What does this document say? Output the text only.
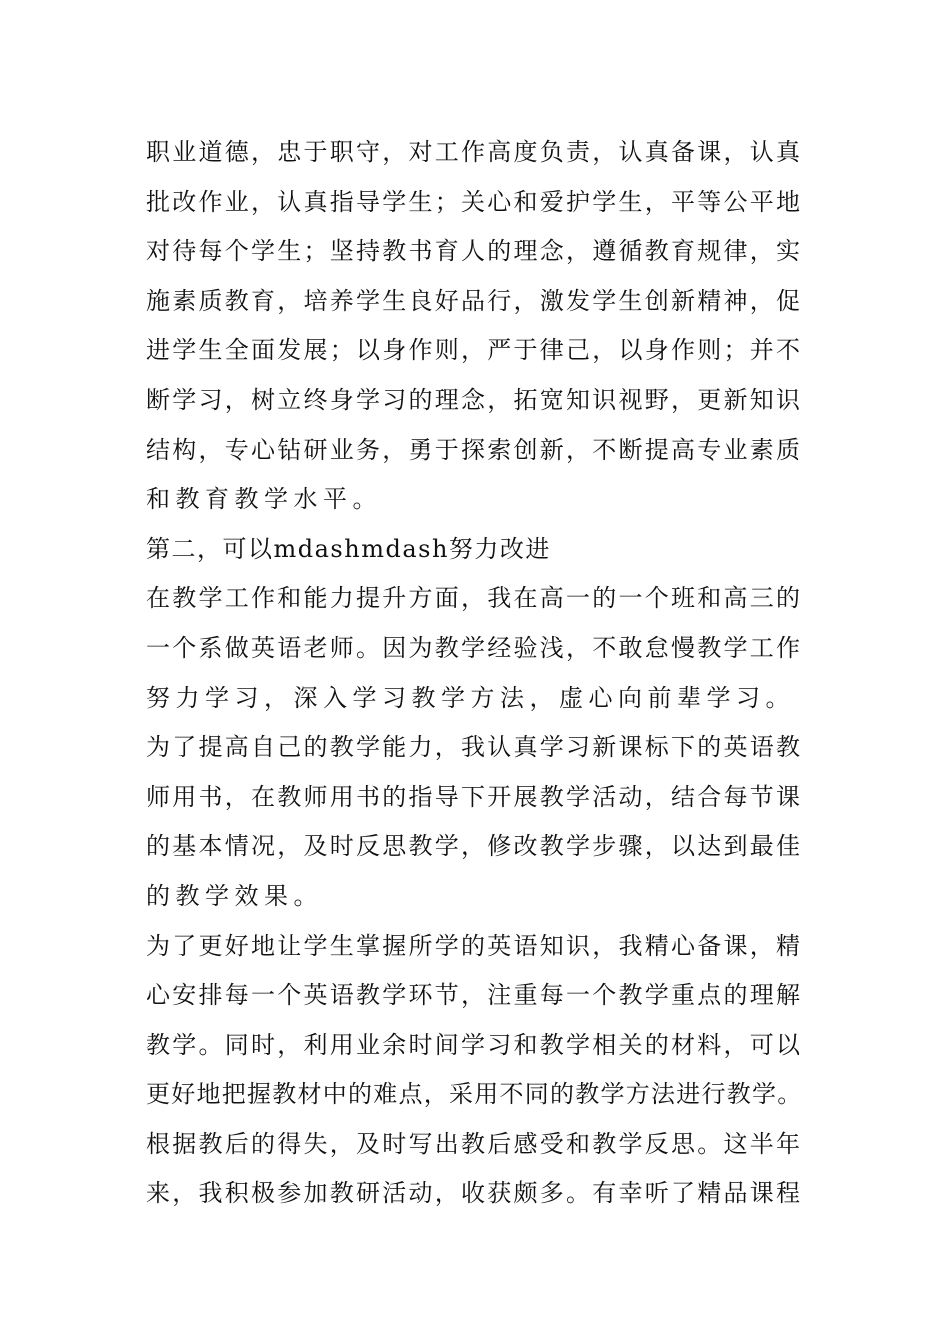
职业道德，忠于职守，对工作高度负责，认真备课，认真
批改作业，认真指导学生；关心和爱护学生，平等公平地
对待每个学生；坚持教书育人的理念，遵循教育规律，实
施素质教育，培养学生良好品行，激发学生创新精神，促
进学生全面发展；以身作则，严于律己，以身作则；并不
断学习，树立终身学习的理念，拓宽知识视野，更新知识
结构，专心钻研业务，勇于探索创新，不断提高专业素质
和教育教学水平。
第二，可以mdashmdash努力改进
在教学工作和能力提升方面，我在高一的一个班和高三的
一个系做英语老师。因为教学经验浅，不敢怠慢教学工作
努力学习，深入学习教学方法，虚心向前辈学习。
为了提高自己的教学能力，我认真学习新课标下的英语教
师用书，在教师用书的指导下开展教学活动，结合每节课
的基本情况，及时反思教学，修改教学步骤，以达到最佳
的教学效果。
为了更好地让学生掌握所学的英语知识，我精心备课，精
心安排每一个英语教学环节，注重每一个教学重点的理解
教学。同时，利用业余时间学习和教学相关的材料，可以
更好地把握教材中的难点，采用不同的教学方法进行教学。
根据教后的得失，及时写出教后感受和教学反思。这半年
来，我积极参加教研活动，收获颇多。有幸听了精品课程
